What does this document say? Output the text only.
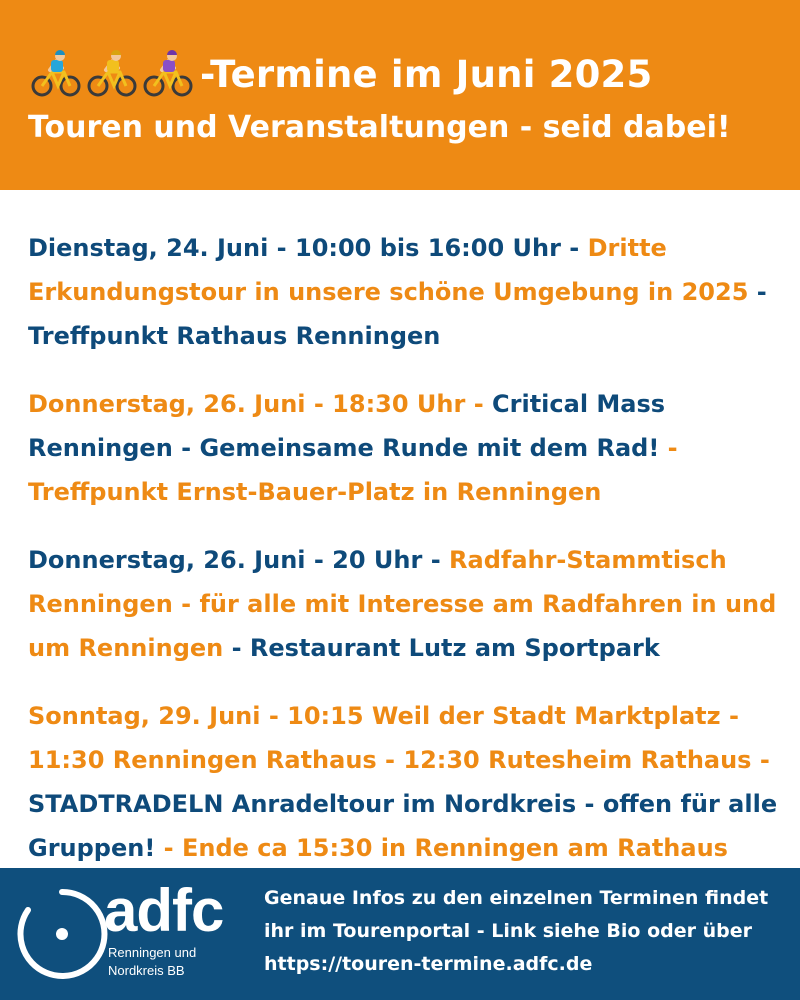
-Termine im Juni 2025
Touren und Veranstaltungen - seid dabei!
Dienstag, 24. Juni - 10:00 bis 16:00 Uhr - Dritte Erkundungstour in unsere schöne Umgebung in 2025 - Treffpunkt Rathaus Renningen
Donnerstag, 26. Juni - 18:30 Uhr - Critical Mass Renningen - Gemeinsame Runde mit dem Rad! - Treffpunkt Ernst-Bauer-Platz in Renningen
Donnerstag, 26. Juni - 20 Uhr - Radfahr-Stammtisch Renningen - für alle mit Interesse am Radfahren in und um Renningen - Restaurant Lutz am Sportpark
Sonntag, 29. Juni - 10:15 Weil der Stadt Marktplatz - 11:30 Renningen Rathaus - 12:30 Rutesheim Rathaus - STADTRADELN Anradeltour im Nordkreis - offen für alle Gruppen! - Ende ca 15:30 in Renningen am Rathaus
adfc
Renningen und
Nordkreis BB
Genaue Infos zu den einzelnen Terminen findet
ihr im Tourenportal - Link siehe Bio oder über
https://touren-termine.adfc.de
